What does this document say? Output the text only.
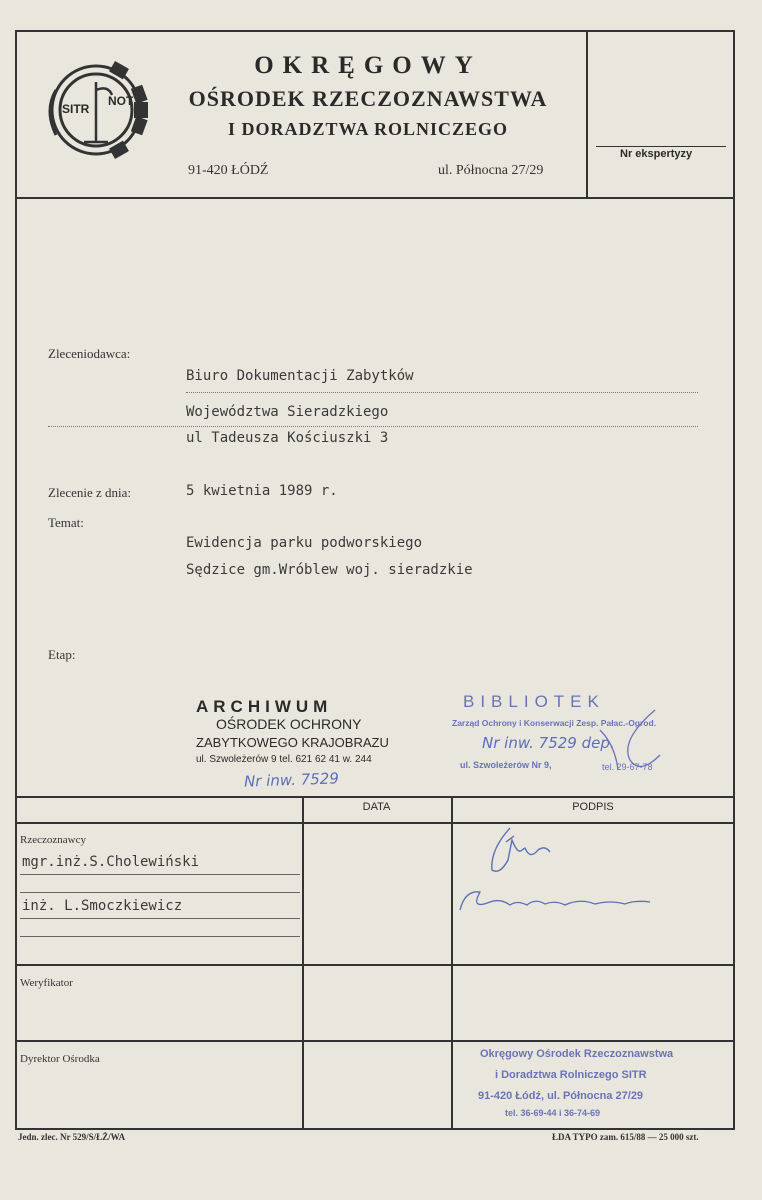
SITR
NOT
OKRĘGOWY
OŚRODEK RZECZOZNAWSTWA
I DORADZTWA ROLNICZEGO
91-420 ŁÓDŹ	ul. Północna 27/29
Nr ekspertyzy
Zleceniodawca:
Biuro Dokumentacji Zabytków
Województwa Sieradzkiego
ul Tadeusza Kościuszki 3
Zlecenie z dnia:	5 kwietnia 1989 r.
Temat:
Ewidencja parku podworskiego
Sędzice gm.Wróblew woj. sieradzkie
Etap:
ARCHIWUM
OŚRODEK OCHRONY
ZABYTKOWEGO KRAJOBRAZU
ul. Szwoleżerów 9 tel. 621 62 41 w. 244
Nr inw. 7529
BIBLIOTEK
Zarząd Ochrony i Konserwacji Zesp. Pałac.-Ogrod.
Nr inw. 7529 dep.
ul. Szwoleżerów Nr 9,	tel. 29-67-78
DATA	PODPIS
Rzeczoznawcy
mgr.inż.S.Cholewiński
inż. L.Smoczkiewicz
Weryfikator
Dyrektor Ośrodka	Okręgowy Ośrodek Rzeczoznawstwa
i Doradztwa Rolniczego SITR
91-420 Łódź, ul. Północna 27/29
tel. 36-69-44 i 36-74-69
Jedn. zlec. Nr 529/S/ŁŻ/WA	ŁDA TYPO zam. 615/88 — 25 000 szt.
